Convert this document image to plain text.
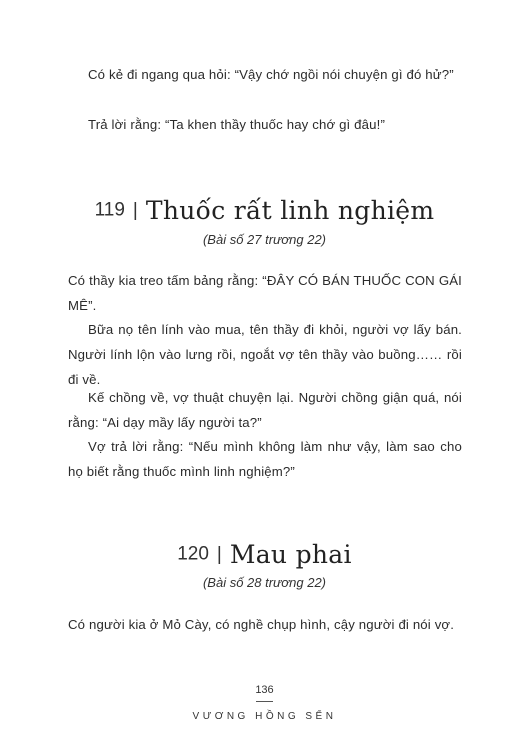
Có kẻ đi ngang qua hỏi: “Vậy chớ ngồi nói chuyện gì đó hử?”

Trả lời rằng: “Ta khen thầy thuốc hay chớ gì đâu!”

119 | Thuốc rất linh nghiệm
(Bài số 27 trương 22)

Có thầy kia treo tấm bảng rằng: “ĐÂY CÓ BÁN THUỐC CON GÁI MÊ”.

Bữa nọ tên lính vào mua, tên thầy đi khỏi, người vợ lấy bán. Người lính lộn vào lưng rồi, ngoắt vợ tên thầy vào buồng…… rồi đi về.

Kế chồng về, vợ thuật chuyện lại. Người chồng giận quá, nói rằng: “Ai dạy mầy lấy người ta?”

Vợ trả lời rằng: “Nếu mình không làm như vậy, làm sao cho họ biết rằng thuốc mình linh nghiệm?”

120 | Mau phai
(Bài số 28 trương 22)

Có người kia ở Mỏ Cày, có nghề chụp hình, cậy người đi nói vợ.

136
VƯƠNG HỒNG SỂN
